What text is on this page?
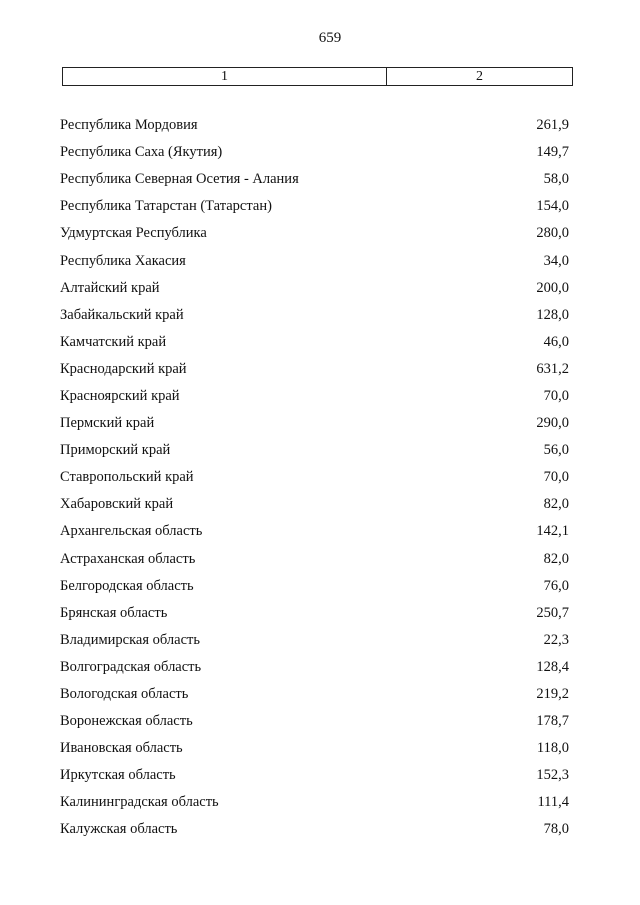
659
1	2
Республика Мордовия	261,9
Республика Саха (Якутия)	149,7
Республика Северная Осетия - Алания	58,0
Республика Татарстан (Татарстан)	154,0
Удмуртская Республика	280,0
Республика Хакасия	34,0
Алтайский край	200,0
Забайкальский край	128,0
Камчатский край	46,0
Краснодарский край	631,2
Красноярский край	70,0
Пермский край	290,0
Приморский край	56,0
Ставропольский край	70,0
Хабаровский край	82,0
Архангельская область	142,1
Астраханская область	82,0
Белгородская область	76,0
Брянская область	250,7
Владимирская область	22,3
Волгоградская область	128,4
Вологодская область	219,2
Воронежская область	178,7
Ивановская область	118,0
Иркутская область	152,3
Калининградская область	111,4
Калужская область	78,0
